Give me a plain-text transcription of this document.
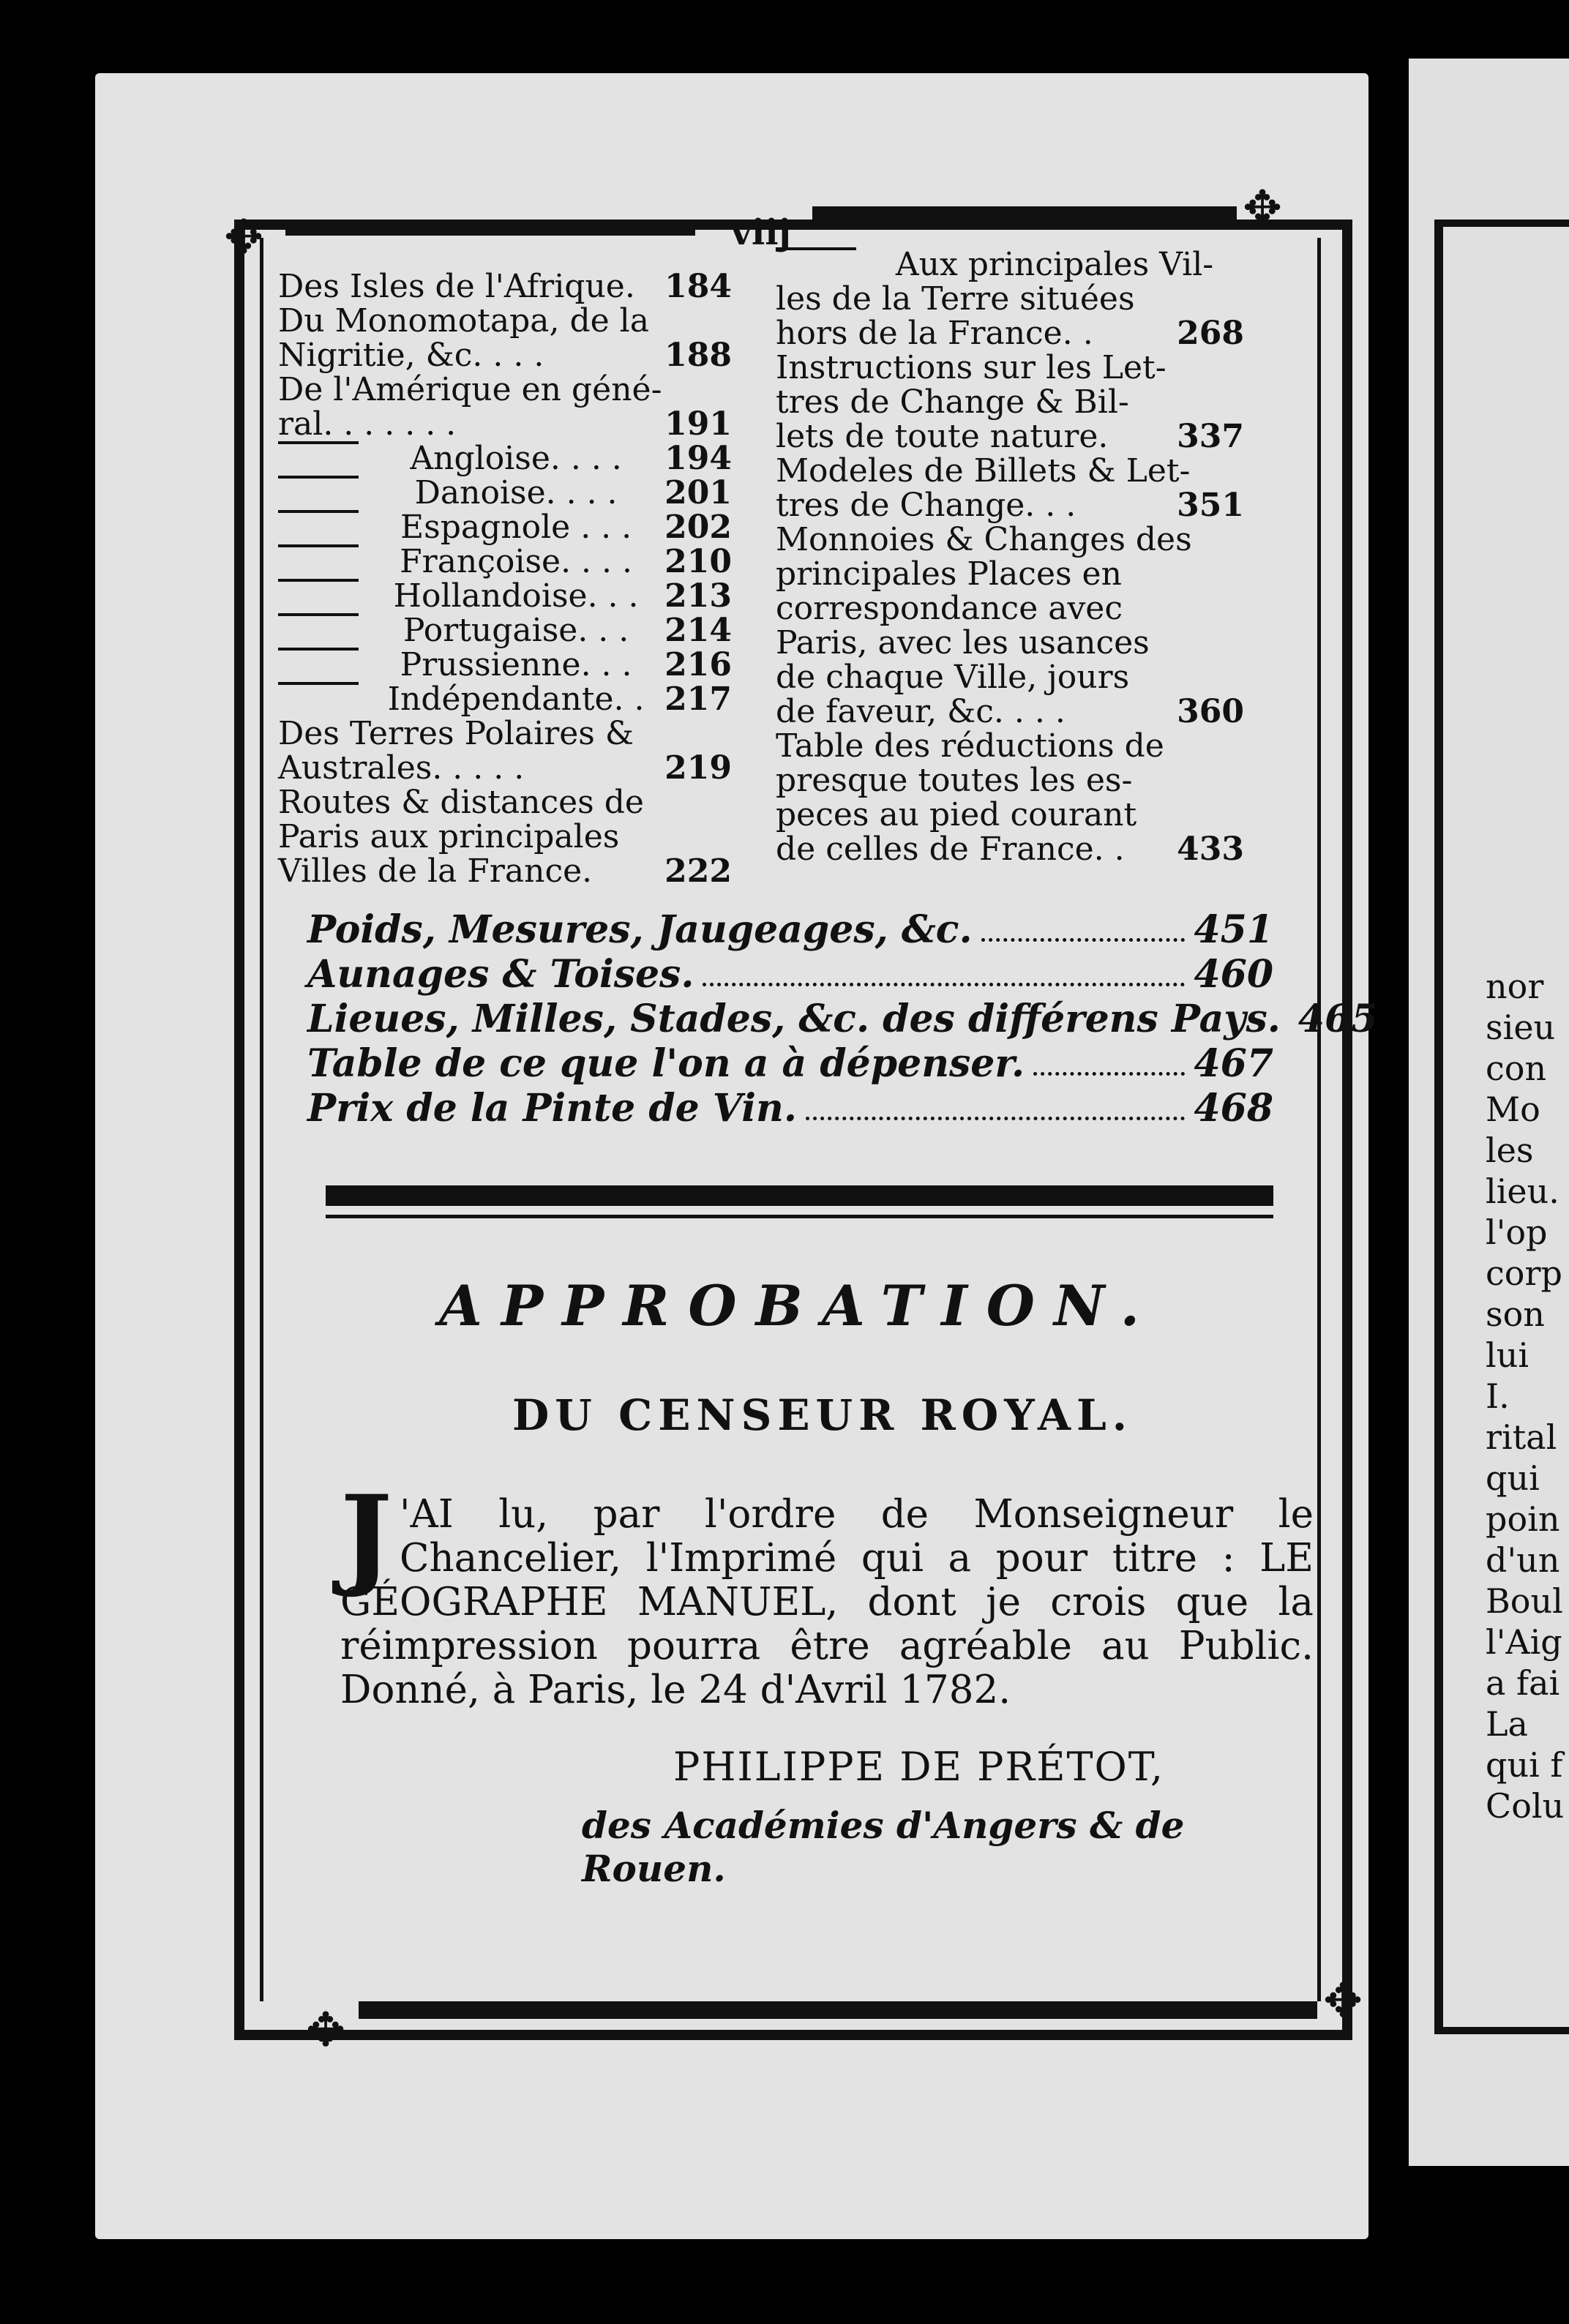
✥
✥
✥
✥
viij
Des Isles de l'Afrique. 184
Du Monomotapa, de la
Nigritie, &c. . . .	188
De l'Amérique en géné-
ral. . . . . . .	191
Angloise. . . . 194
Danoise. . . . 201
Espagnole . . . 202
Françoise. . . . 210
Hollandoise. . . 213
Portugaise. . . 214
Prussienne. . . 216
Indépendante. . 217
Des Terres Polaires &
Australes. . . . .	219
Routes & distances de
Paris aux principales
Villes de la France. 222
Aux principales Vil-
les de la Terre situées
hors de la France. .	268
Instructions sur les Let-
tres de Change & Bil-
lets de toute nature. 337
Modeles de Billets & Let-
tres de Change. . .	351
Monnoies & Changes des
principales Places en
correspondance avec
Paris, avec les usances
de chaque Ville, jours
de faveur, &c. . . .	360
Table des réductions de
presque toutes les es-
peces au pied courant
de celles de France. . 433
Poids, Mesures, Jaugeages, &c.	451
Aunages & Toises.	460
Lieues, Milles, Stades, &c. des différens Pays. 465
Table de ce que l'on a à dépenser.	467
Prix de la Pinte de Vin.	468
APPROBATION.
DU CENSEUR ROYAL.
J 'AI lu, par l'ordre de Monseigneur le Chancelier, l'Imprimé qui a pour titre : LE GÉOGRAPHE MANUEL, dont je crois que la réimpression pourra être agréable au Public. Donné, à Paris, le 24 d'Avril 1782.
PHILIPPE DE PRÉTOT,
des Académies d'Angers & de Rouen.
nor
sieu
con
Mo
les
lieu.
l'op
corp
son
lui
I.
rital
qui
poin
d'un
Boul
l'Aig
a fai
La
qui f
Colu
